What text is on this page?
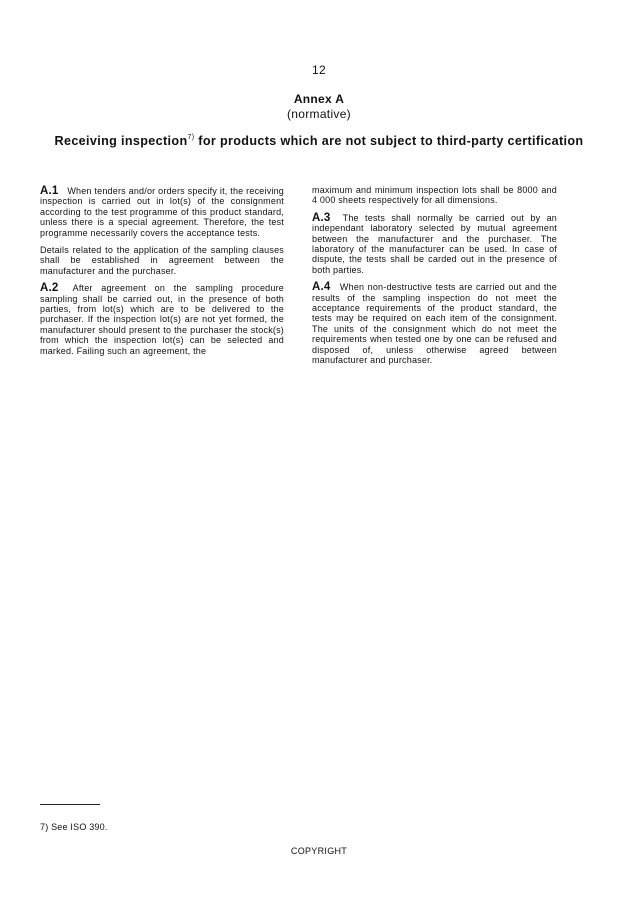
12
Annex A
(normative)
Receiving inspection$^{7)}$ for products which are not subject to third-party certification

A.1 When tenders and/or orders specify it, the receiving inspection is carried out in lot(s) of the consignment according to the test programme of this product standard, unless there is a special agreement. Therefore, the test programme necessarily covers the acceptance tests.

Details related to the application of the sampling clauses shall be established in agreement between the manufacturer and the purchaser.

A.2 After agreement on the sampling procedure sampling shall be carried out, in the presence of both parties, from lot(s) which are to be delivered to the purchaser. If the inspection lot(s) are not yet formed, the manufacturer should present to the purchaser the stock(s) from which the inspection lot(s) can be selected and marked. Failing such an agreement, the

maximum and minimum inspection lots shall be 8000 and 4 000 sheets respectively for all dimensions.

A.3 The tests shall normally be carried out by an independant laboratory selected by mutual agreement between the manufacturer and the purchaser. The laboratory of the manufacturer can be used. In case of dispute, the tests shall be carded out in the presence of both parties.

A.4 When non-destructive tests are carried out and the results of the sampling inspection do not meet the acceptance requirements of the product standard, the tests may be required on each item of the consignment. The units of the consignment which do not meet the requirements when tested one by one can be refused and disposed of, unless otherwise agreed between manufacturer and purchaser.

7) See ISO 390.
COPYRIGHT
